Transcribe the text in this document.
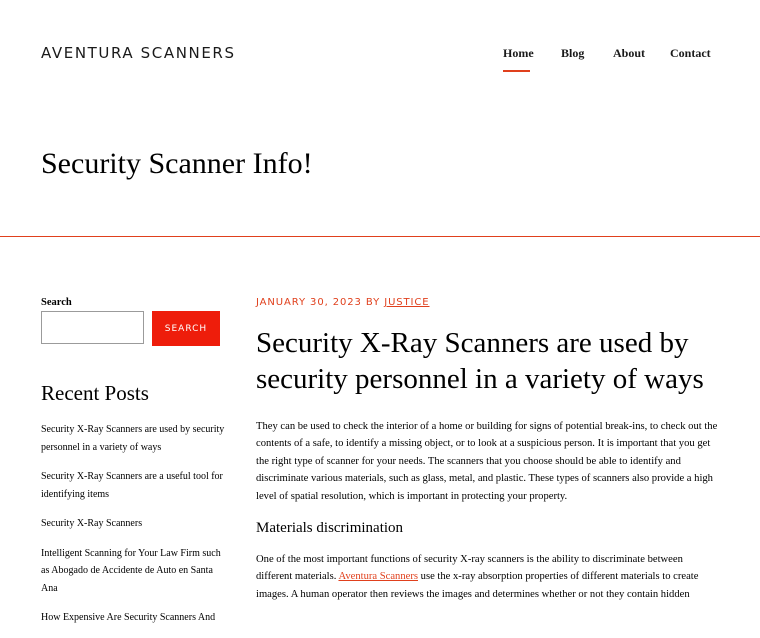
AVENTURA SCANNERS	Home Blog About Contact
Security Scanner Info!
Search
SEARCH
Recent Posts
Security X-Ray Scanners are used by security personnel in a variety of ways
Security X-Ray Scanners are a useful tool for identifying items
Security X-Ray Scanners
Intelligent Scanning for Your Law Firm such as Abogado de Accidente de Auto en Santa Ana
How Expensive Are Security Scanners And
JANUARY 30, 2023 BY JUSTICE
Security X-Ray Scanners are used by security personnel in a variety of ways

They can be used to check the interior of a home or building for signs of potential break-ins, to check out the contents of a safe, to identify a missing object, or to look at a suspicious person. It is important that you get the right type of scanner for your needs. The scanners that you choose should be able to identify and discriminate various materials, such as glass, metal, and plastic. These types of scanners also provide a high level of spatial resolution, which is important in protecting your property.

Materials discrimination

One of the most important functions of security X-ray scanners is the ability to discriminate between different materials. Aventura Scanners use the x-ray absorption properties of different materials to create images. A human operator then reviews the images and determines whether or not they contain hidden
